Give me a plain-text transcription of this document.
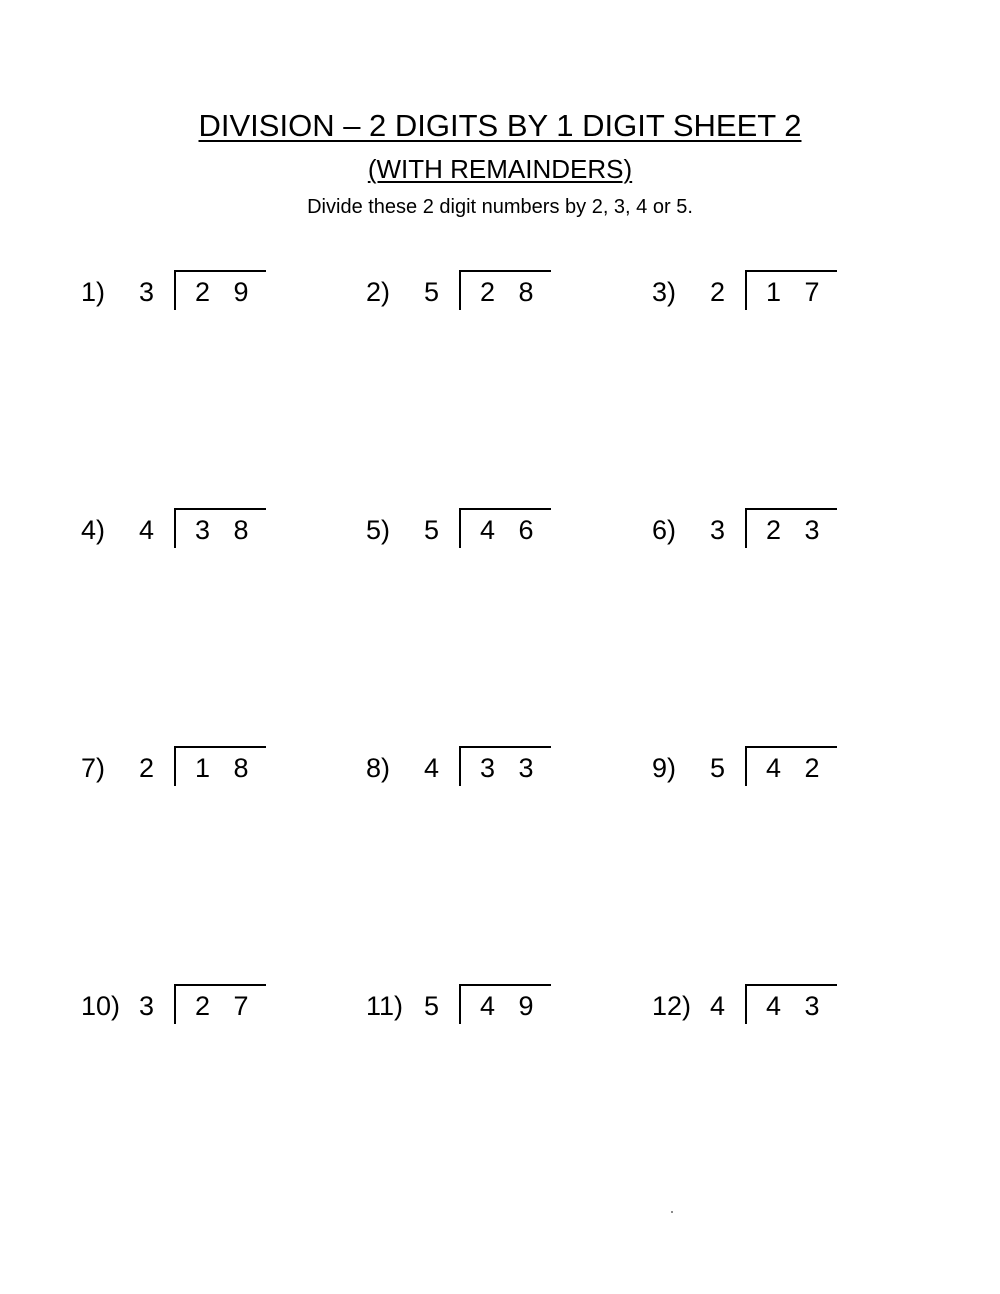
DIVISION – 2 DIGITS BY 1 DIGIT SHEET 2
(WITH REMAINDERS)
Divide these 2 digit numbers by 2, 3, 4 or 5.
1) 3 2 9	2) 5 2 8	3) 2 1 7
4) 4 3 8	5) 5 4 6	6) 3 2 3
7) 2 1 8	8) 4 3 3	9) 5 4 2
10) 3 2 7	11) 5 4 9	12) 4 4 3
